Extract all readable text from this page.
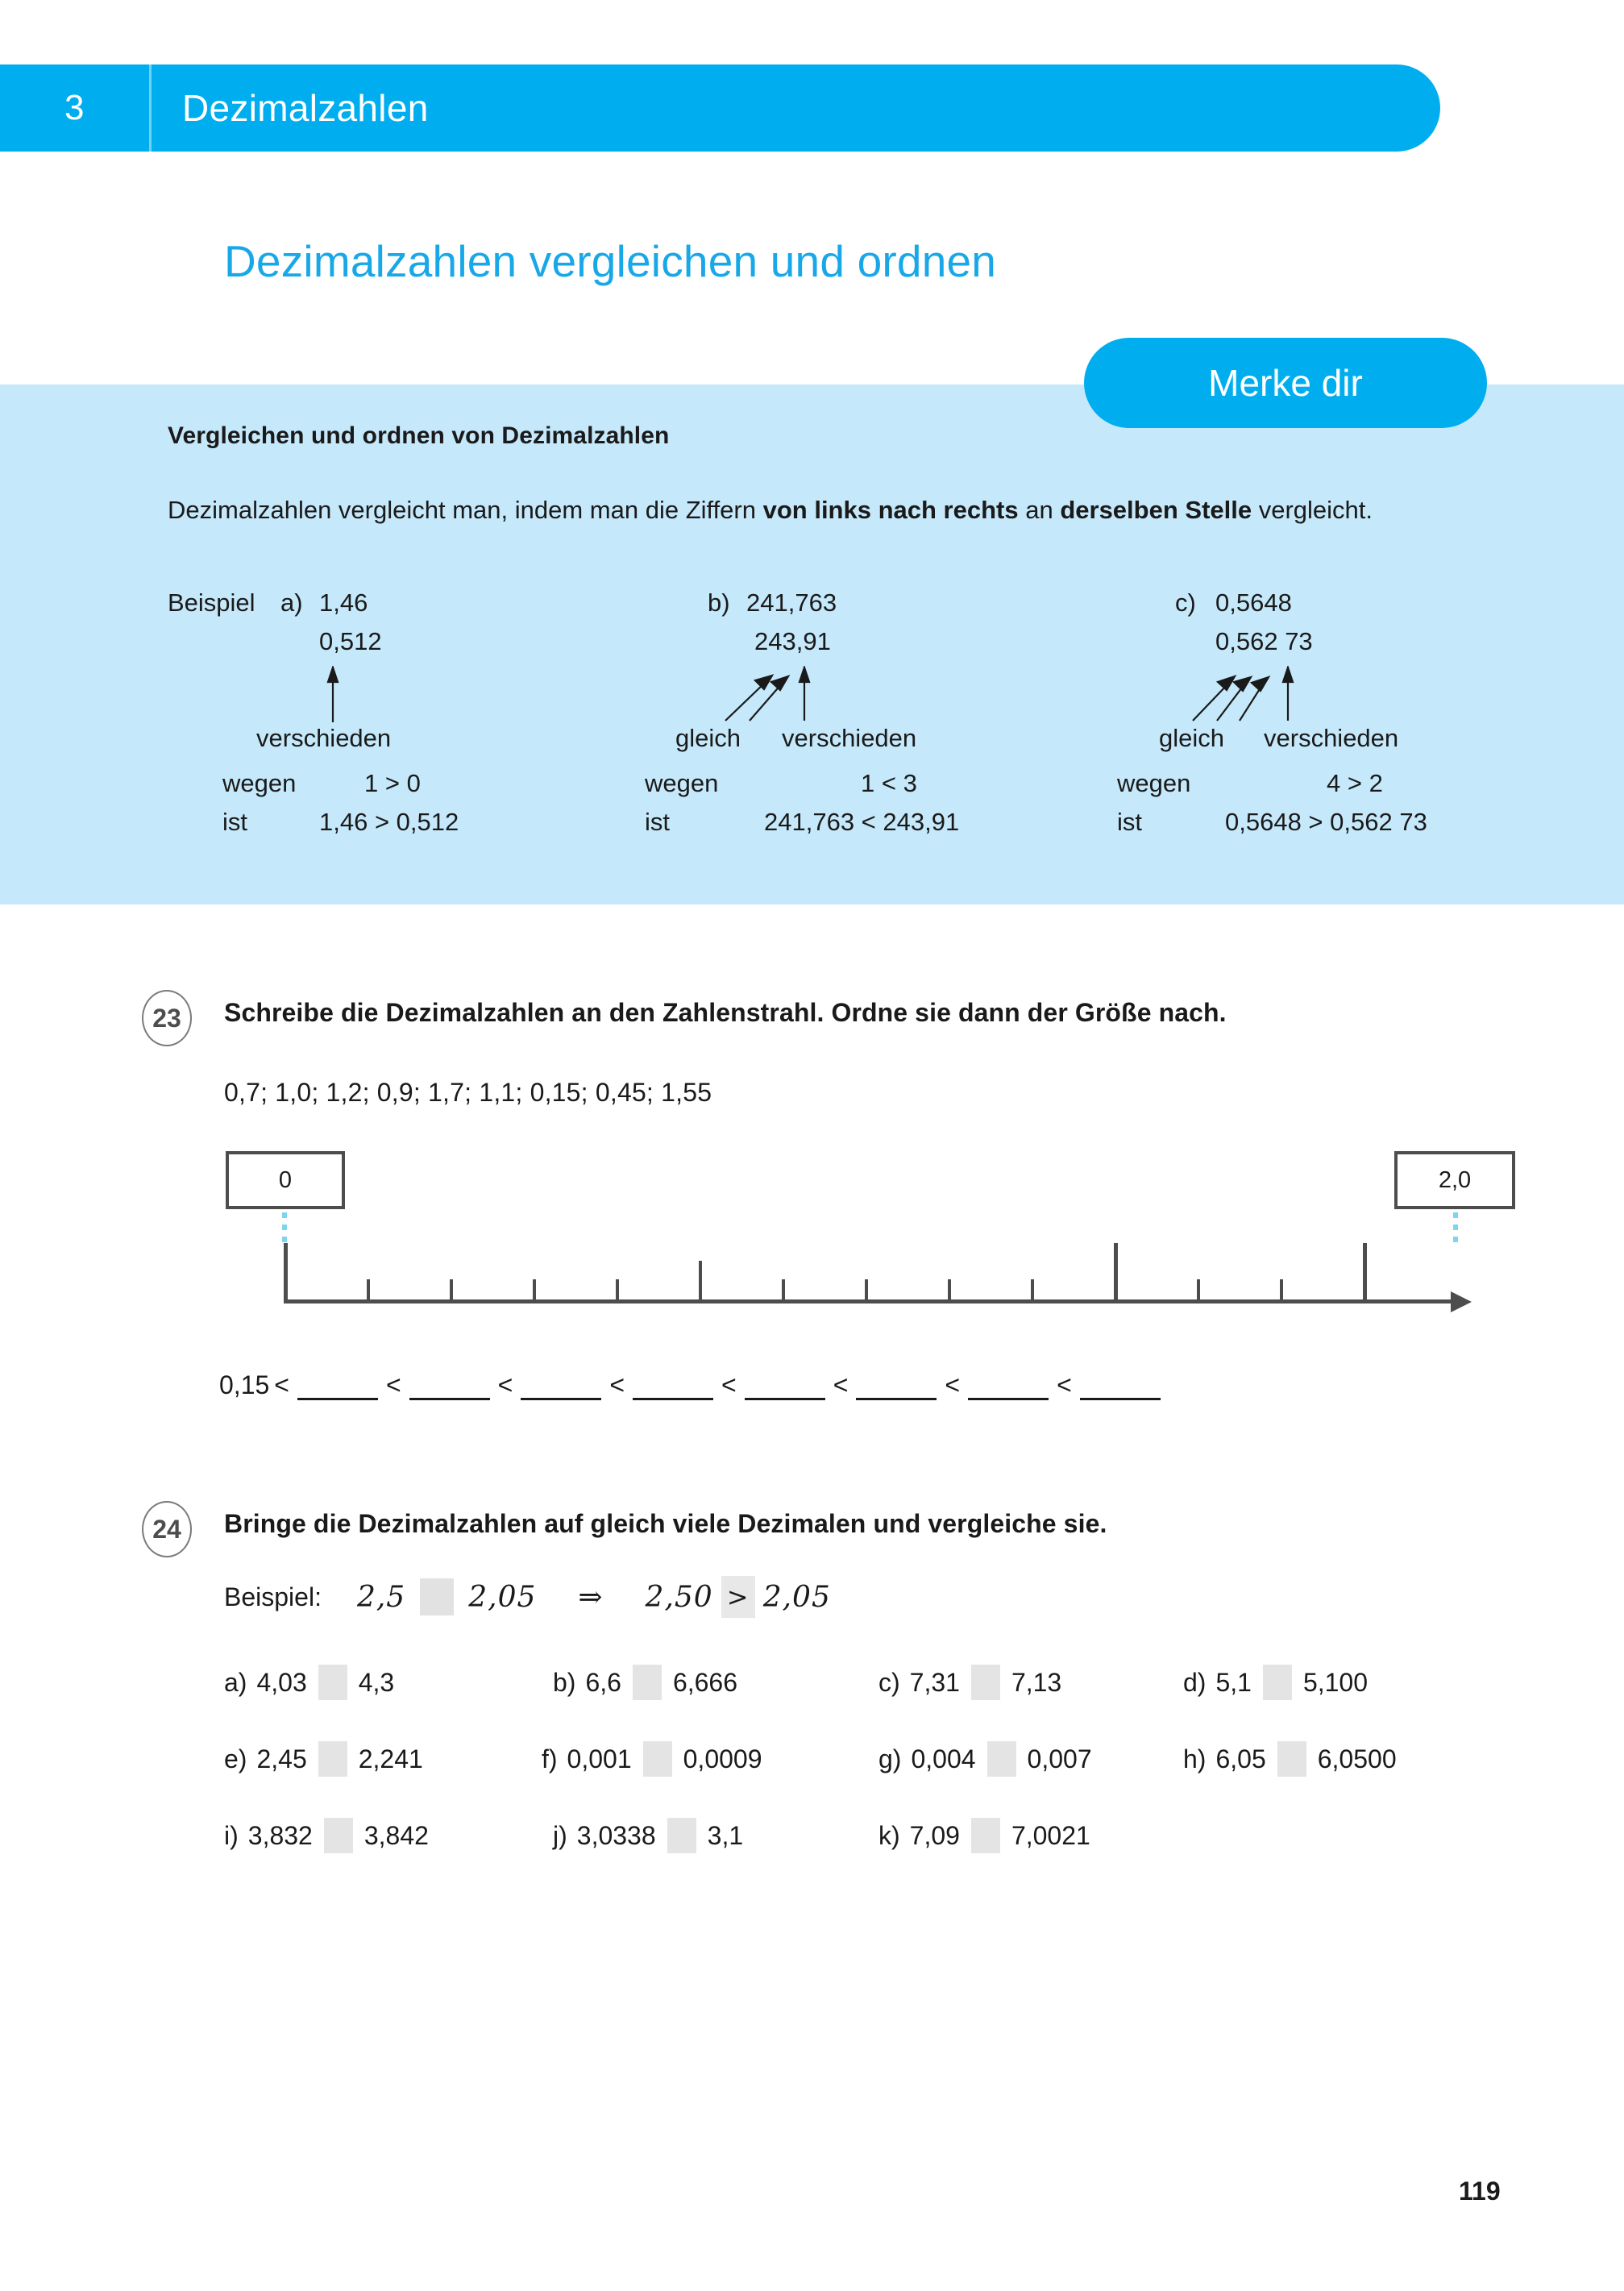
3	Dezimalzahlen
Dezimalzahlen vergleichen und ordnen
Merke dir
Vergleichen und ordnen von Dezimalzahlen
Dezimalzahlen vergleicht man, indem man die Ziffern von links nach rechts an derselben Stelle vergleicht.
Beispiel a) 1,46
0,512
verschieden
wegen	1 > 0
ist	1,46 > 0,512
b) 241,763
243,91
gleich verschieden
wegen	1 < 3
ist	241,763 < 243,91
c) 0,5648
0,562 73
gleich verschieden
wegen	4 > 2
ist	0,5648 > 0,562 73
23	Schreibe die Dezimalzahlen an den Zahlenstrahl. Ordne sie dann der Größe nach.
0,7; 1,0; 1,2; 0,9; 1,7; 1,1; 0,15; 0,45; 1,55
0	2,0
0,15 <	<	<	<	<	<	<	<
24	Bringe die Dezimalzahlen auf gleich viele Dezimalen und vergleiche sie.
Beispiel: 2,5 2,05 ⇒ 2,50 > 2,05
a) 4,03 4,3	b) 6,6 6,666	c) 7,31 7,13	d) 5,1 5,100
e) 2,45 2,241	f) 0,001 0,0009	g) 0,004 0,007	h) 6,05 6,0500
i) 3,832 3,842	j) 3,0338 3,1	k) 7,09 7,0021
119
